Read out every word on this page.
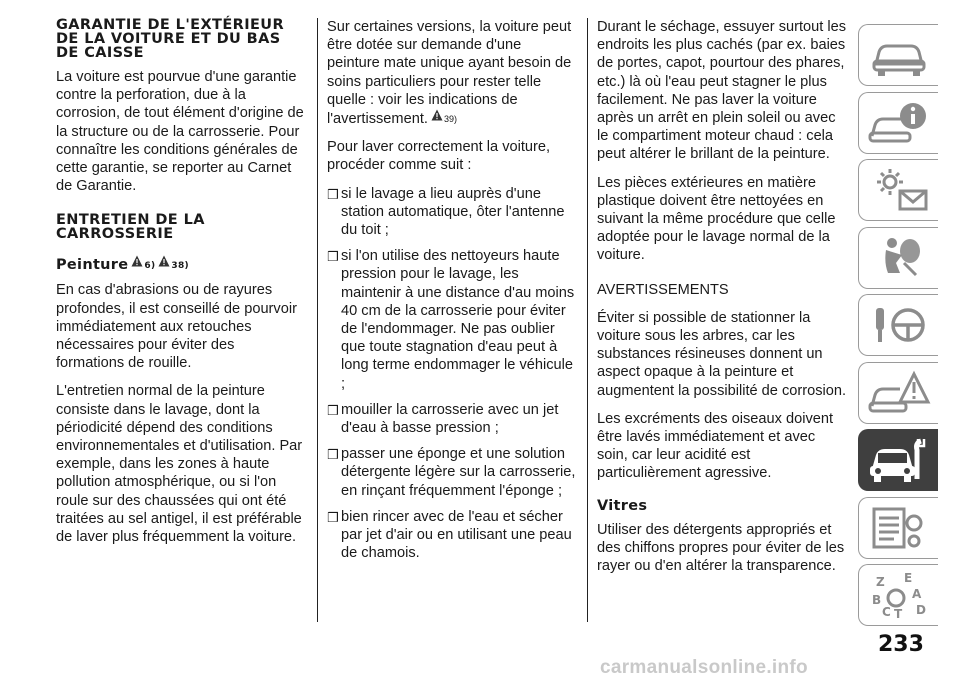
GARANTIE DE L'EXTÉRIEUR DE LA VOITURE ET DU BAS DE CAISSE

La voiture est pourvue d'une garantie contre la perforation, due à la corrosion, de tout élément d'origine de la structure ou de la carrosserie. Pour connaître les conditions générales de cette garantie, se reporter au Carnet de Garantie.

ENTRETIEN DE LA CARROSSERIE
Peinture 6) 38)

En cas d'abrasions ou de rayures profondes, il est conseillé de pourvoir immédiatement aux retouches nécessaires pour éviter des formations de rouille.

L'entretien normal de la peinture consiste dans le lavage, dont la périodicité dépend des conditions environnementales et d'utilisation. Par exemple, dans les zones à haute pollution atmosphérique, ou si l'on roule sur des chaussées qui ont été traitées au sel antigel, il est préférable de laver plus fréquemment la voiture.

Sur certaines versions, la voiture peut être dotée sur demande d'une peinture mate unique ayant besoin de soins particuliers pour rester telle quelle : voir les indications de l'avertissement. 39)

Pour laver correctement la voiture, procéder comme suit :

❒ si le lavage a lieu auprès d'une station automatique, ôter l'antenne du toit ;
❒ si l'on utilise des nettoyeurs haute pression pour le lavage, les maintenir à une distance d'au moins 40 cm de la carrosserie pour éviter de l'endommager. Ne pas oublier que toute stagnation d'eau peut à long terme endommager le véhicule ;
❒ mouiller la carrosserie avec un jet d'eau à basse pression ;
❒ passer une éponge et une solution détergente légère sur la carrosserie, en rinçant fréquemment l'éponge ;
❒ bien rincer avec de l'eau et sécher par jet d'air ou en utilisant une peau de chamois.

Durant le séchage, essuyer surtout les endroits les plus cachés (par ex. baies de portes, capot, pourtour des phares, etc.) là où l'eau peut stagner le plus facilement. Ne pas laver la voiture après un arrêt en plein soleil ou avec le compartiment moteur chaud : cela peut altérer le brillant de la peinture.

Les pièces extérieures en matière plastique doivent être nettoyées en suivant la même procédure que celle adoptée pour le lavage normal de la voiture.

AVERTISSEMENTS

Éviter si possible de stationner la voiture sous les arbres, car les substances résineuses donnent un aspect opaque à la peinture et augmentent la possibilité de corrosion.

Les excréments des oiseaux doivent être lavés immédiatement et avec soin, car leur acidité est particulièrement agressive.

Vitres

Utiliser des détergents appropriés et des chiffons propres pour éviter de les rayer ou d'en altérer la transparence.

Z E
A
B
C T D
233
carmanualsonline.info
